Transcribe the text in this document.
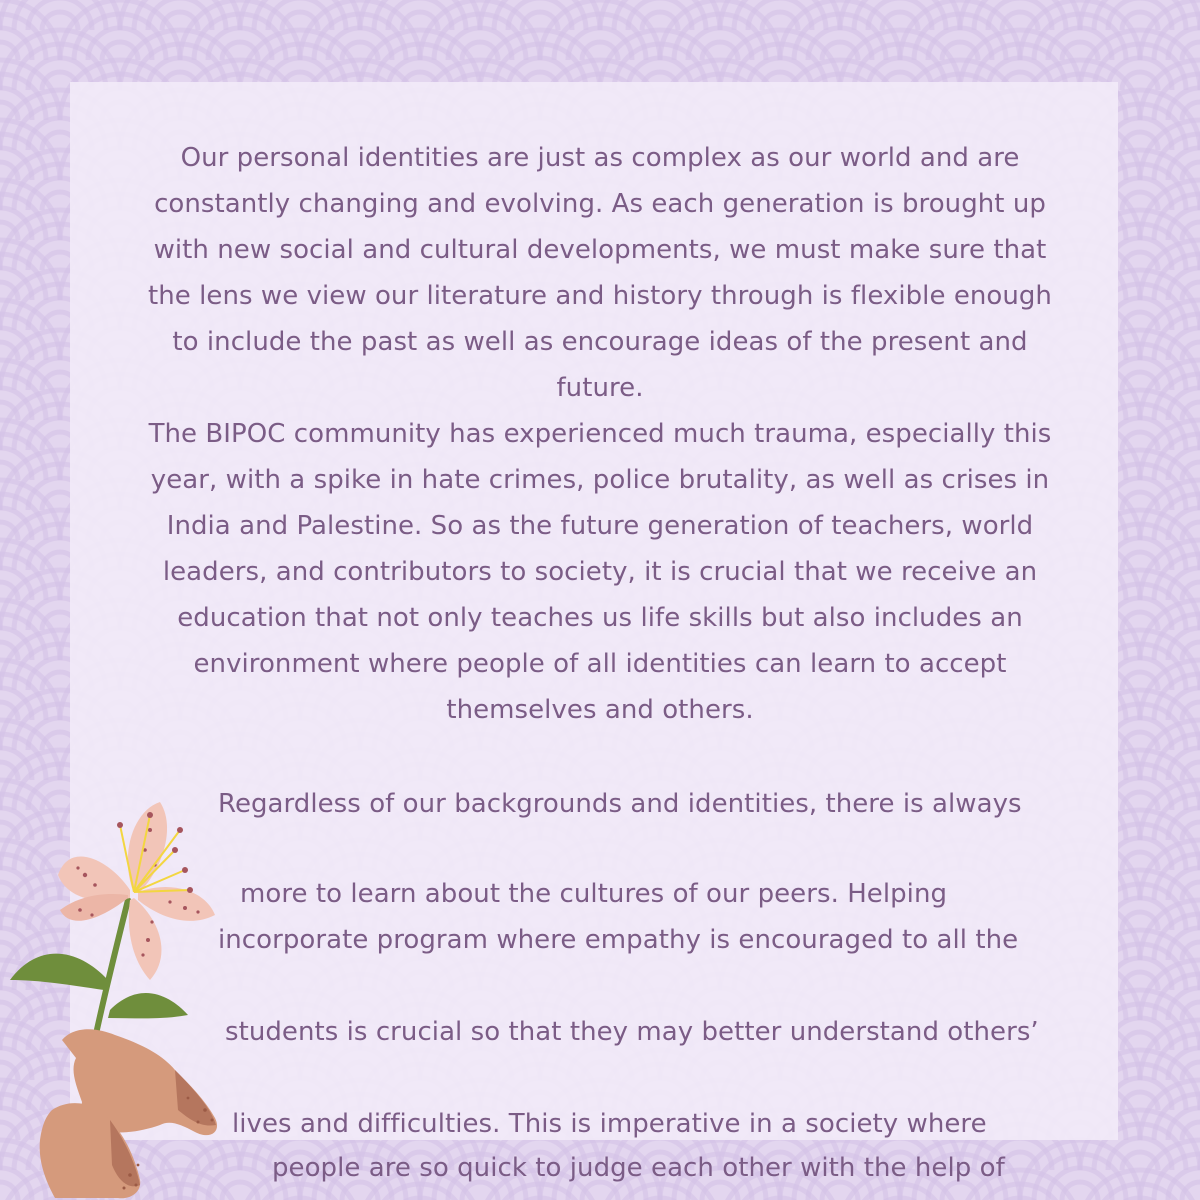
Our personal identities are just as complex as our world and are

constantly changing and evolving. As each generation is brought up

with new social and cultural developments, we must make sure that

the lens we view our literature and history through is flexible enough

to include the past as well as encourage ideas of the present and

future.

The BIPOC community has experienced much trauma, especially this

year, with a spike in hate crimes, police brutality, as well as crises in

India and Palestine. So as the future generation of teachers, world

leaders, and contributors to society, it is crucial that we receive an

education that not only teaches us life skills but also includes an

environment where people of all identities can learn to accept

themselves and others.

Regardless of our backgrounds and identities, there is always

more to learn about the cultures of our peers. Helping

incorporate program where empathy is encouraged to all the

students is crucial so that they may better understand others’

lives and difficulties. This is imperative in a society where

people are so quick to judge each other with the help of
